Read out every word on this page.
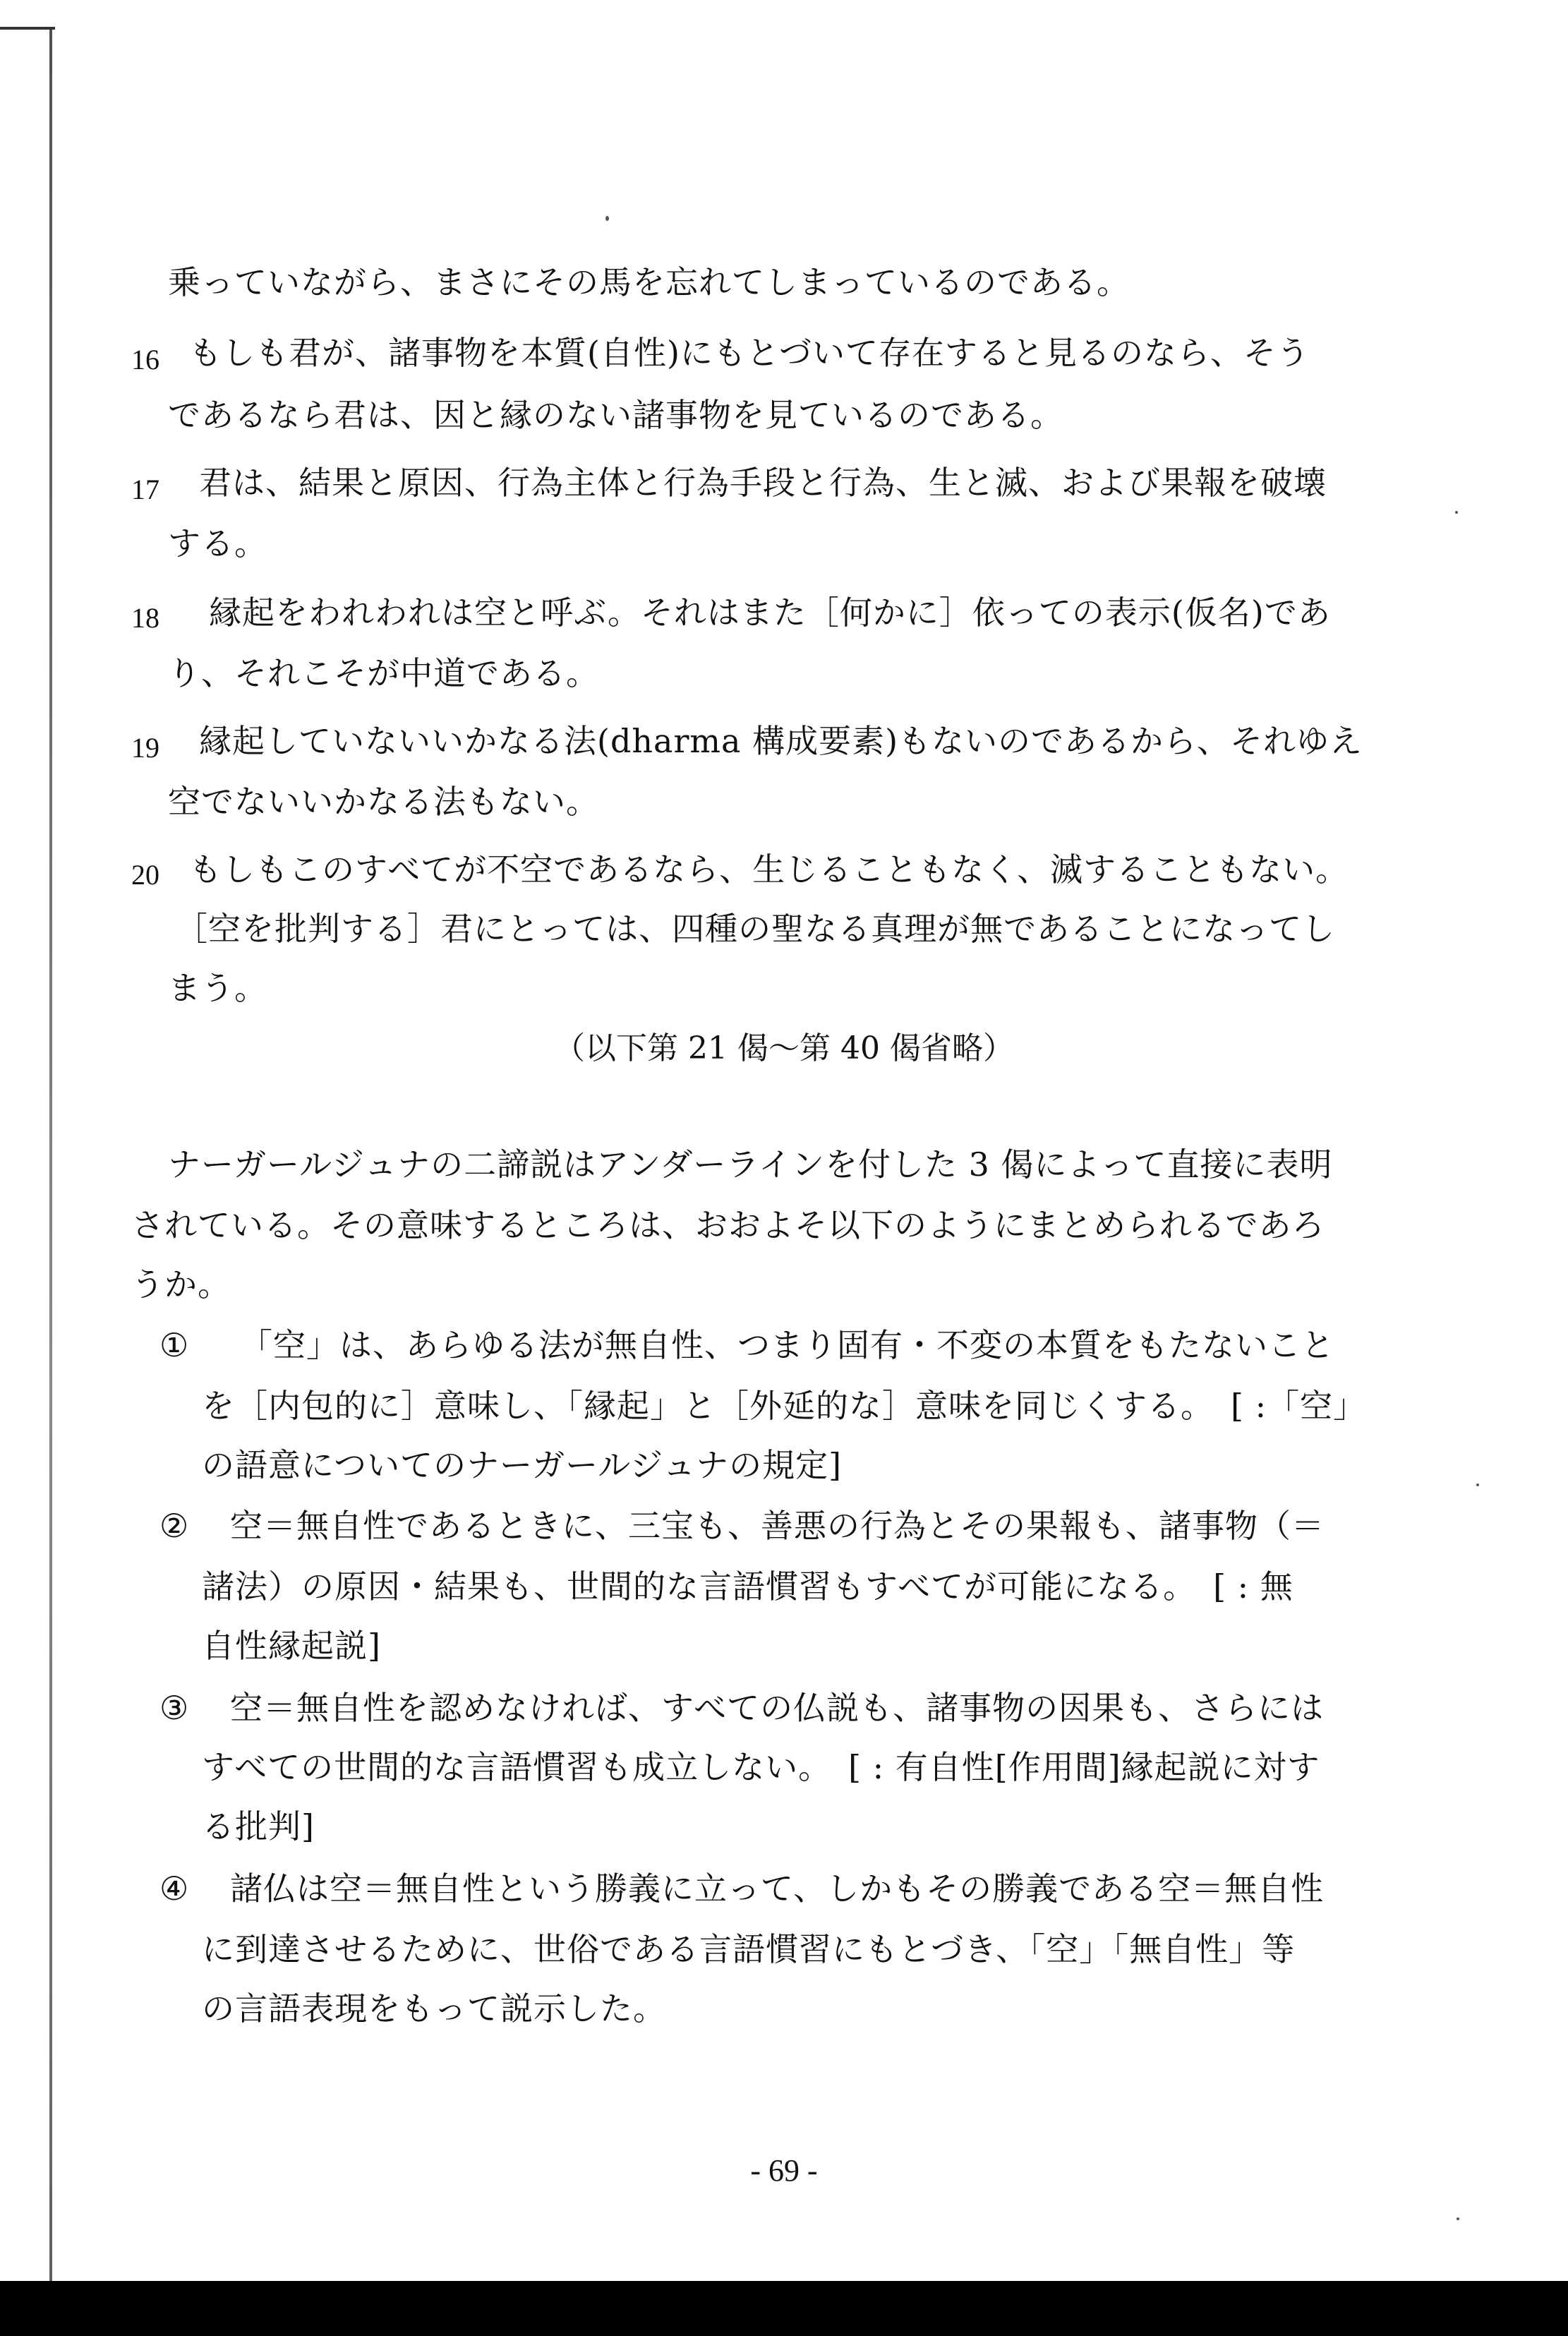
乗っていながら、まさにその馬を忘れてしまっているのである。
16 もしも君が、諸事物を本質(自性)にもとづいて存在すると見るのなら、そう
であるなら君は、因と縁のない諸事物を見ているのである。
17 君は、結果と原因、行為主体と行為手段と行為、生と滅、および果報を破壊
する。
18 縁起をわれわれは空と呼ぶ。それはまた［何かに］依っての表示(仮名)であ
り、それこそが中道である。
19 縁起していないいかなる法(dharma 構成要素)もないのであるから、それゆえ
空でないいかなる法もない。
20 もしもこのすべてが不空であるなら、生じることもなく、滅することもない。
［空を批判する］君にとっては、四種の聖なる真理が無であることになってし
まう。
（以下第 21 偈～第 40 偈省略）
ナーガールジュナの二諦説はアンダーラインを付した 3 偈によって直接に表明
されている。その意味するところは、おおよそ以下のようにまとめられるであろ
うか。
① 「空」は、あらゆる法が無自性、つまり固有・不変の本質をもたないこと
を［内包的に］意味し、「縁起」と［外延的な］意味を同じくする。　[ :「空」
の語意についてのナーガールジュナの規定]
② 空＝無自性であるときに、三宝も、善悪の行為とその果報も、諸事物（＝
諸法）の原因・結果も、世間的な言語慣習もすべてが可能になる。　[ : 無
自性縁起説]
③ 空＝無自性を認めなければ、すべての仏説も、諸事物の因果も、さらには
すべての世間的な言語慣習も成立しない。　[ : 有自性[作用間]縁起説に対す
る批判]
④ 諸仏は空＝無自性という勝義に立って、しかもその勝義である空＝無自性
に到達させるために、世俗である言語慣習にもとづき、「空」「無自性」等
の言語表現をもって説示した。
- 69 -
